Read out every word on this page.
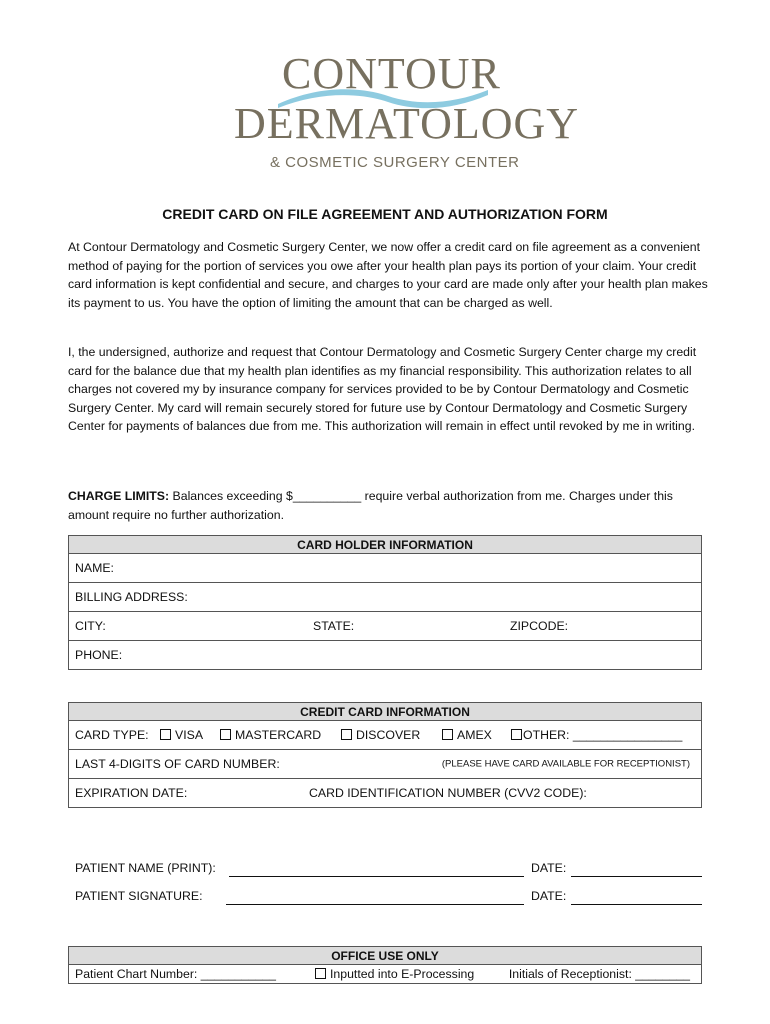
CONTOUR
DERMATOLOGY
& COSMETIC SURGERY CENTER
CREDIT CARD ON FILE AGREEMENT AND AUTHORIZATION FORM

At Contour Dermatology and Cosmetic Surgery Center, we now offer a credit card on file agreement as a convenient method of paying for the portion of services you owe after your health plan pays its portion of your claim. Your credit card information is kept confidential and secure, and charges to your card are made only after your health plan makes its payment to us. You have the option of limiting the amount that can be charged as well.

I, the undersigned, authorize and request that Contour Dermatology and Cosmetic Surgery Center charge my credit card for the balance due that my health plan identifies as my financial responsibility. This authorization relates to all charges not covered my by insurance company for services provided to be by Contour Dermatology and Cosmetic Surgery Center. My card will remain securely stored for future use by Contour Dermatology and Cosmetic Surgery Center for payments of balances due from me. This authorization will remain in effect until revoked by me in writing.

CHARGE LIMITS: Balances exceeding $__________ require verbal authorization from me. Charges under this amount require no further authorization.
CARD HOLDER INFORMATION
NAME:
BILLING ADDRESS:

CITY:	STATE:	ZIPCODE:

PHONE:
CREDIT CARD INFORMATION

CARD TYPE:	VISA	MASTERCARD	DISCOVER	AMEX	OTHER: ________________

LAST 4-DIGITS OF CARD NUMBER:	(PLEASE HAVE CARD AVAILABLE FOR RECEPTIONIST)

EXPIRATION DATE:	CARD IDENTIFICATION NUMBER (CVV2 CODE):
PATIENT NAME (PRINT):	DATE:
PATIENT SIGNATURE:	DATE:
OFFICE USE ONLY

Patient Chart Number: ___________	Inputted into E-Processing	Initials of Receptionist: ________
